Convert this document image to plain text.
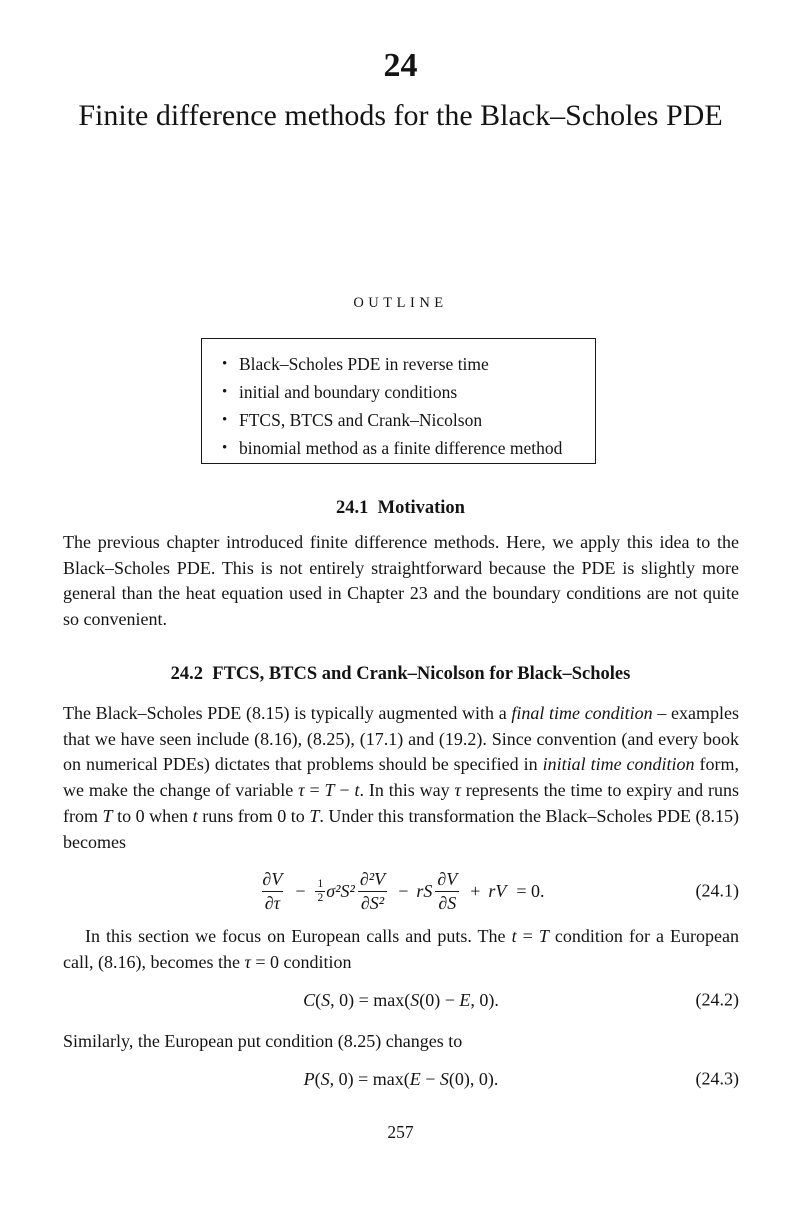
24
Finite difference methods for the Black–Scholes PDE
OUTLINE
• Black–Scholes PDE in reverse time
• initial and boundary conditions
• FTCS, BTCS and Crank–Nicolson
• binomial method as a finite difference method
24.1 Motivation

The previous chapter introduced finite difference methods. Here, we apply this idea to the Black–Scholes PDE. This is not entirely straightforward because the PDE is slightly more general than the heat equation used in Chapter 23 and the boundary conditions are not quite so convenient.

24.2 FTCS, BTCS and Crank–Nicolson for Black–Scholes

The Black–Scholes PDE (8.15) is typically augmented with a final time condition – examples that we have seen include (8.16), (8.25), (17.1) and (19.2). Since convention (and every book on numerical PDEs) dictates that problems should be specified in initial time condition form, we make the change of variable τ = T − t. In this way τ represents the time to expiry and runs from T to 0 when t runs from 0 to T. Under this transformation the Black–Scholes PDE (8.15) becomes

$\frac{\partial V}{\partial\tau} - \frac{1}{2} \sigma^2S^2 \frac{\text{∂²V}}{\text{∂S²}}$ − rS $\frac{\partial V}{\partial S}$ + rV = 0.	(24.1)

In this section we focus on European calls and puts. The t = T condition for a European call, (8.16), becomes the τ = 0 condition

C(S, 0) = max(S(0) − E, 0).	(24.2)

Similarly, the European put condition (8.25) changes to

P(S, 0) = max(E − S(0), 0).	(24.3)
257
